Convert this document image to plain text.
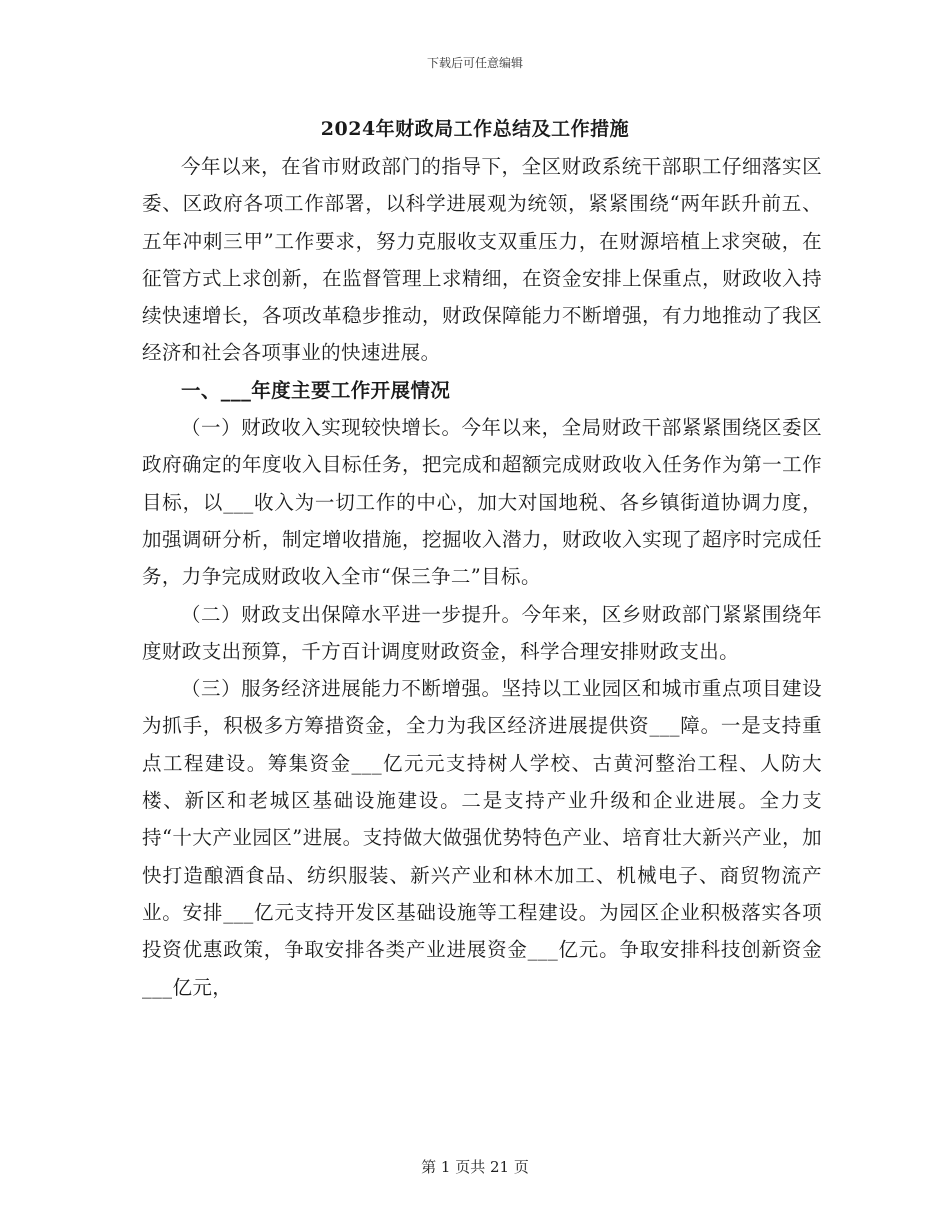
下载后可任意编辑
2024年财政局工作总结及工作措施

今年以来，在省市财政部门的指导下，全区财政系统干部职工仔细落实区委、区政府各项工作部署，以科学进展观为统领，紧紧围绕“两年跃升前五、五年冲刺三甲”工作要求，努力克服收支双重压力，在财源培植上求突破，在征管方式上求创新，在监督管理上求精细，在资金安排上保重点，财政收入持续快速增长，各项改革稳步推动，财政保障能力不断增强，有力地推动了我区经济和社会各项事业的快速进展。

一、___年度主要工作开展情况

（一）财政收入实现较快增长。今年以来，全局财政干部紧紧围绕区委区政府确定的年度收入目标任务，把完成和超额完成财政收入任务作为第一工作目标，以___收入为一切工作的中心，加大对国地税、各乡镇街道协调力度，加强调研分析，制定增收措施，挖掘收入潜力，财政收入实现了超序时完成任务，力争完成财政收入全市“保三争二”目标。

（二）财政支出保障水平进一步提升。今年来，区乡财政部门紧紧围绕年度财政支出预算，千方百计调度财政资金，科学合理安排财政支出。

（三）服务经济进展能力不断增强。坚持以工业园区和城市重点项目建设为抓手，积极多方筹措资金，全力为我区经济进展提供资___障。一是支持重点工程建设。筹集资金___亿元元支持树人学校、古黄河整治工程、人防大楼、新区和老城区基础设施建设。二是支持产业升级和企业进展。全力支持“十大产业园区”进展。支持做大做强优势特色产业、培育壮大新兴产业，加快打造酿酒食品、纺织服装、新兴产业和林木加工、机械电子、商贸物流产业。安排___亿元支持开发区基础设施等工程建设。为园区企业积极落实各项投资优惠政策，争取安排各类产业进展资金___亿元。争取安排科技创新资金___亿元，

第 1 页共 21 页
